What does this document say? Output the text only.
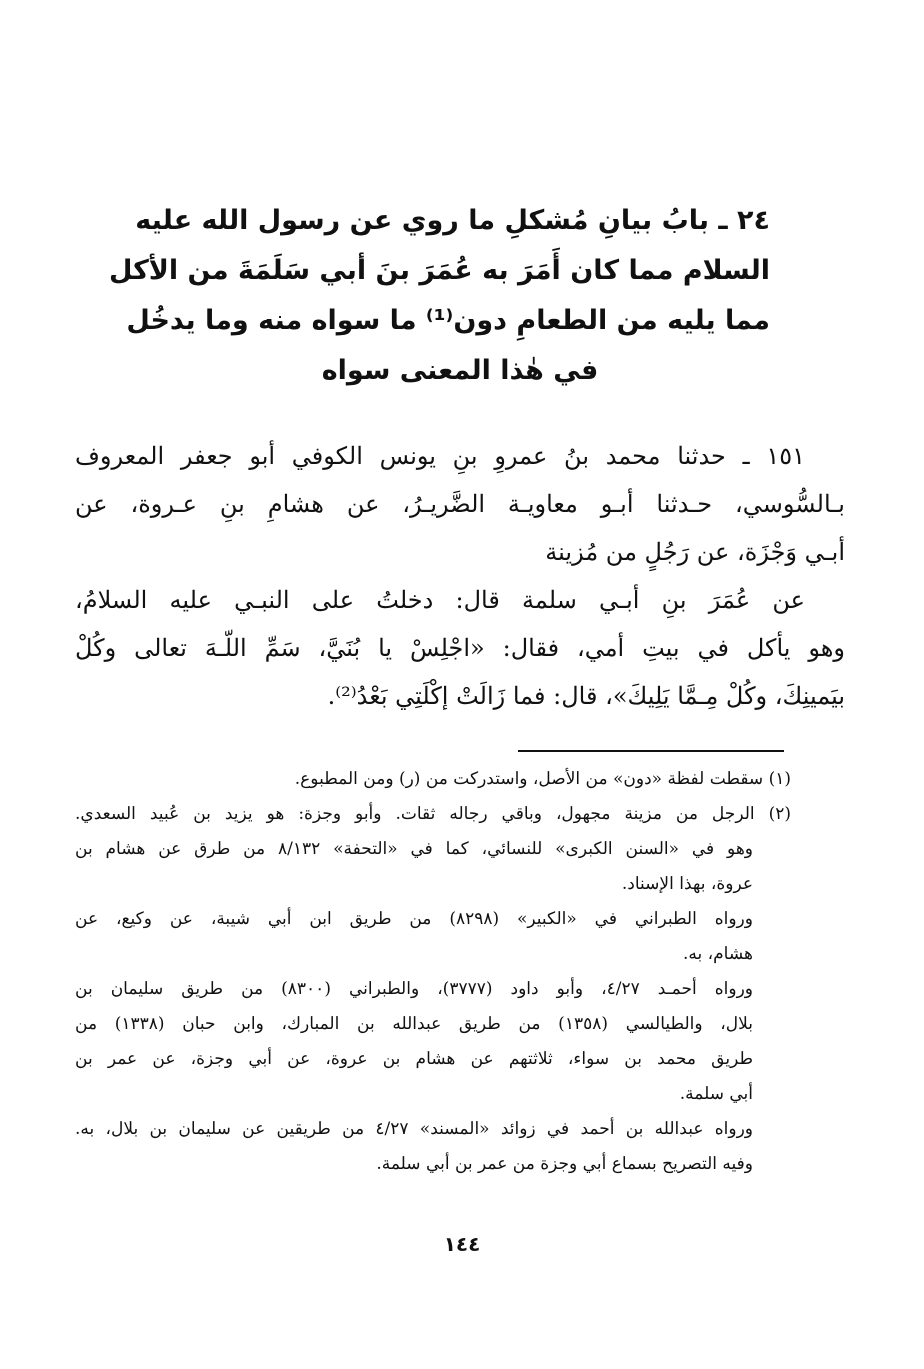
٢٤ ـ بابُ بيانِ مُشكلِ ما روي عن رسول الله عليه
السلام مما كان أَمَرَ به عُمَرَ بنَ أبي سَلَمَةَ من الأكل
مما يليه من الطعامِ دون⁽¹⁾ ما سواه منه وما يدخُل
في هٰذا المعنى سواه
١٥١ ـ حدثنا محمد بنُ عمروِ بنِ يونس الكوفي أبو جعفر المعروف
بـالسُّوسي، حـدثنا أبـو معاويـة الضَّريـرُ، عن هشامِ بنِ عـروة، عن
أبـي وَجْزَة، عن رَجُلٍ من مُزينة
عن عُمَرَ بنِ أبـي سلمة قال: دخلتُ على النبـي عليه السلامُ،
وهو يأكل في بيتِ أمي، فقال: «اجْلِسْ يا بُنَيَّ، سَمِّ اللّـهَ تعالى وكُلْ
بيَمينِكَ، وكُلْ مِـمَّا يَلِيكَ»، قال: فما زَالَتْ إكْلَتِي بَعْدُ⁽²⁾.
(١) سقطت لفظة «دون» من الأصل، واستدركت من (ر) ومن المطبوع.
(٢) الرجل من مزينة مجهول، وباقي رجاله ثقات. وأبو وجزة: هو يزيد بن عُبيد السعدي.
وهو في «السنن الكبرى» للنسائي، كما في «التحفة» ٨/١٣٢ من طرق عن هشام بن
عروة، بهذا الإسناد.
ورواه الطبراني في «الكبير» (٨٢٩٨) من طريق ابن أبي شيبة، عن وكيع، عن
هشام، به.
ورواه أحمـد ٤/٢٧، وأبو داود (٣٧٧٧)، والطبراني (٨٣٠٠) من طريق سليمان بن
بلال، والطيالسي (١٣٥٨) من طريق عبدالله بن المبارك، وابن حبان (١٣٣٨) من
طريق محمد بن سواء، ثلاثتهم عن هشام بن عروة، عن أبي وجزة، عن عمر بن
أبي سلمة.
ورواه عبدالله بن أحمد في زوائد «المسند» ٤/٢٧ من طريقين عن سليمان بن بلال، به.
وفيه التصريح بسماع أبي وجزة من عمر بن أبي سلمة.
١٤٤
